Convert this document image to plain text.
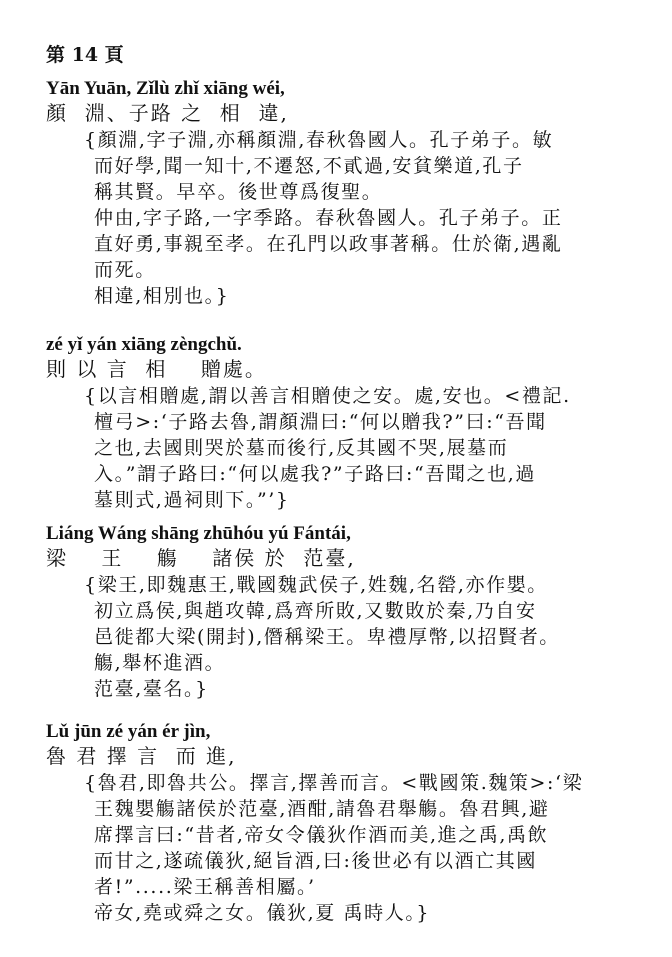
第 14 頁
Yān Yuān, Zǐlù zhǐ xiāng wéi,
顏  淵、子路 之  相  違,
{顏淵,字子淵,亦稱顏淵,春秋魯國人。孔子弟子。敏
而好學,聞一知十,不遷怒,不貳過,安貧樂道,孔子
稱其賢。早卒。後世尊爲復聖。
仲由,字子路,一字季路。春秋魯國人。孔子弟子。正
直好勇,事親至孝。在孔門以政事著稱。仕於衛,遇亂
而死。
相違,相別也。}
zé yǐ yán xiāng zèngchǔ.
則 以 言  相    贈處。
{以言相贈處,謂以善言相贈使之安。處,安也。<禮記.
檀弓>:‘子路去魯,謂顏淵曰:“何以贈我?”曰:“吾聞
之也,去國則哭於墓而後行,反其國不哭,展墓而
入。”謂子路曰:“何以處我?”子路曰:“吾聞之也,過
墓則式,過祠則下。”’}
Liáng Wáng shāng zhūhóu yú Fántái,
梁    王    觴    諸侯 於  范臺,
{梁王,即魏惠王,戰國魏武侯子,姓魏,名罃,亦作嬰。
初立爲侯,與趙攻韓,爲齊所敗,又數敗於秦,乃自安
邑徙都大梁(開封),僭稱梁王。卑禮厚幣,以招賢者。
觴,舉杯進酒。
范臺,臺名。}
Lǔ jūn zé yán ér jìn,
魯 君 擇 言  而 進,
{魯君,即魯共公。擇言,擇善而言。<戰國策.魏策>:‘梁
王魏嬰觴諸侯於范臺,酒酣,請魯君舉觴。魯君興,避
席擇言曰:“昔者,帝女令儀狄作酒而美,進之禹,禹飲
而甘之,遂疏儀狄,絕旨酒,曰:後世必有以酒亡其國
者!”.....梁王稱善相屬。’
帝女,堯或舜之女。儀狄,夏 禹時人。}
